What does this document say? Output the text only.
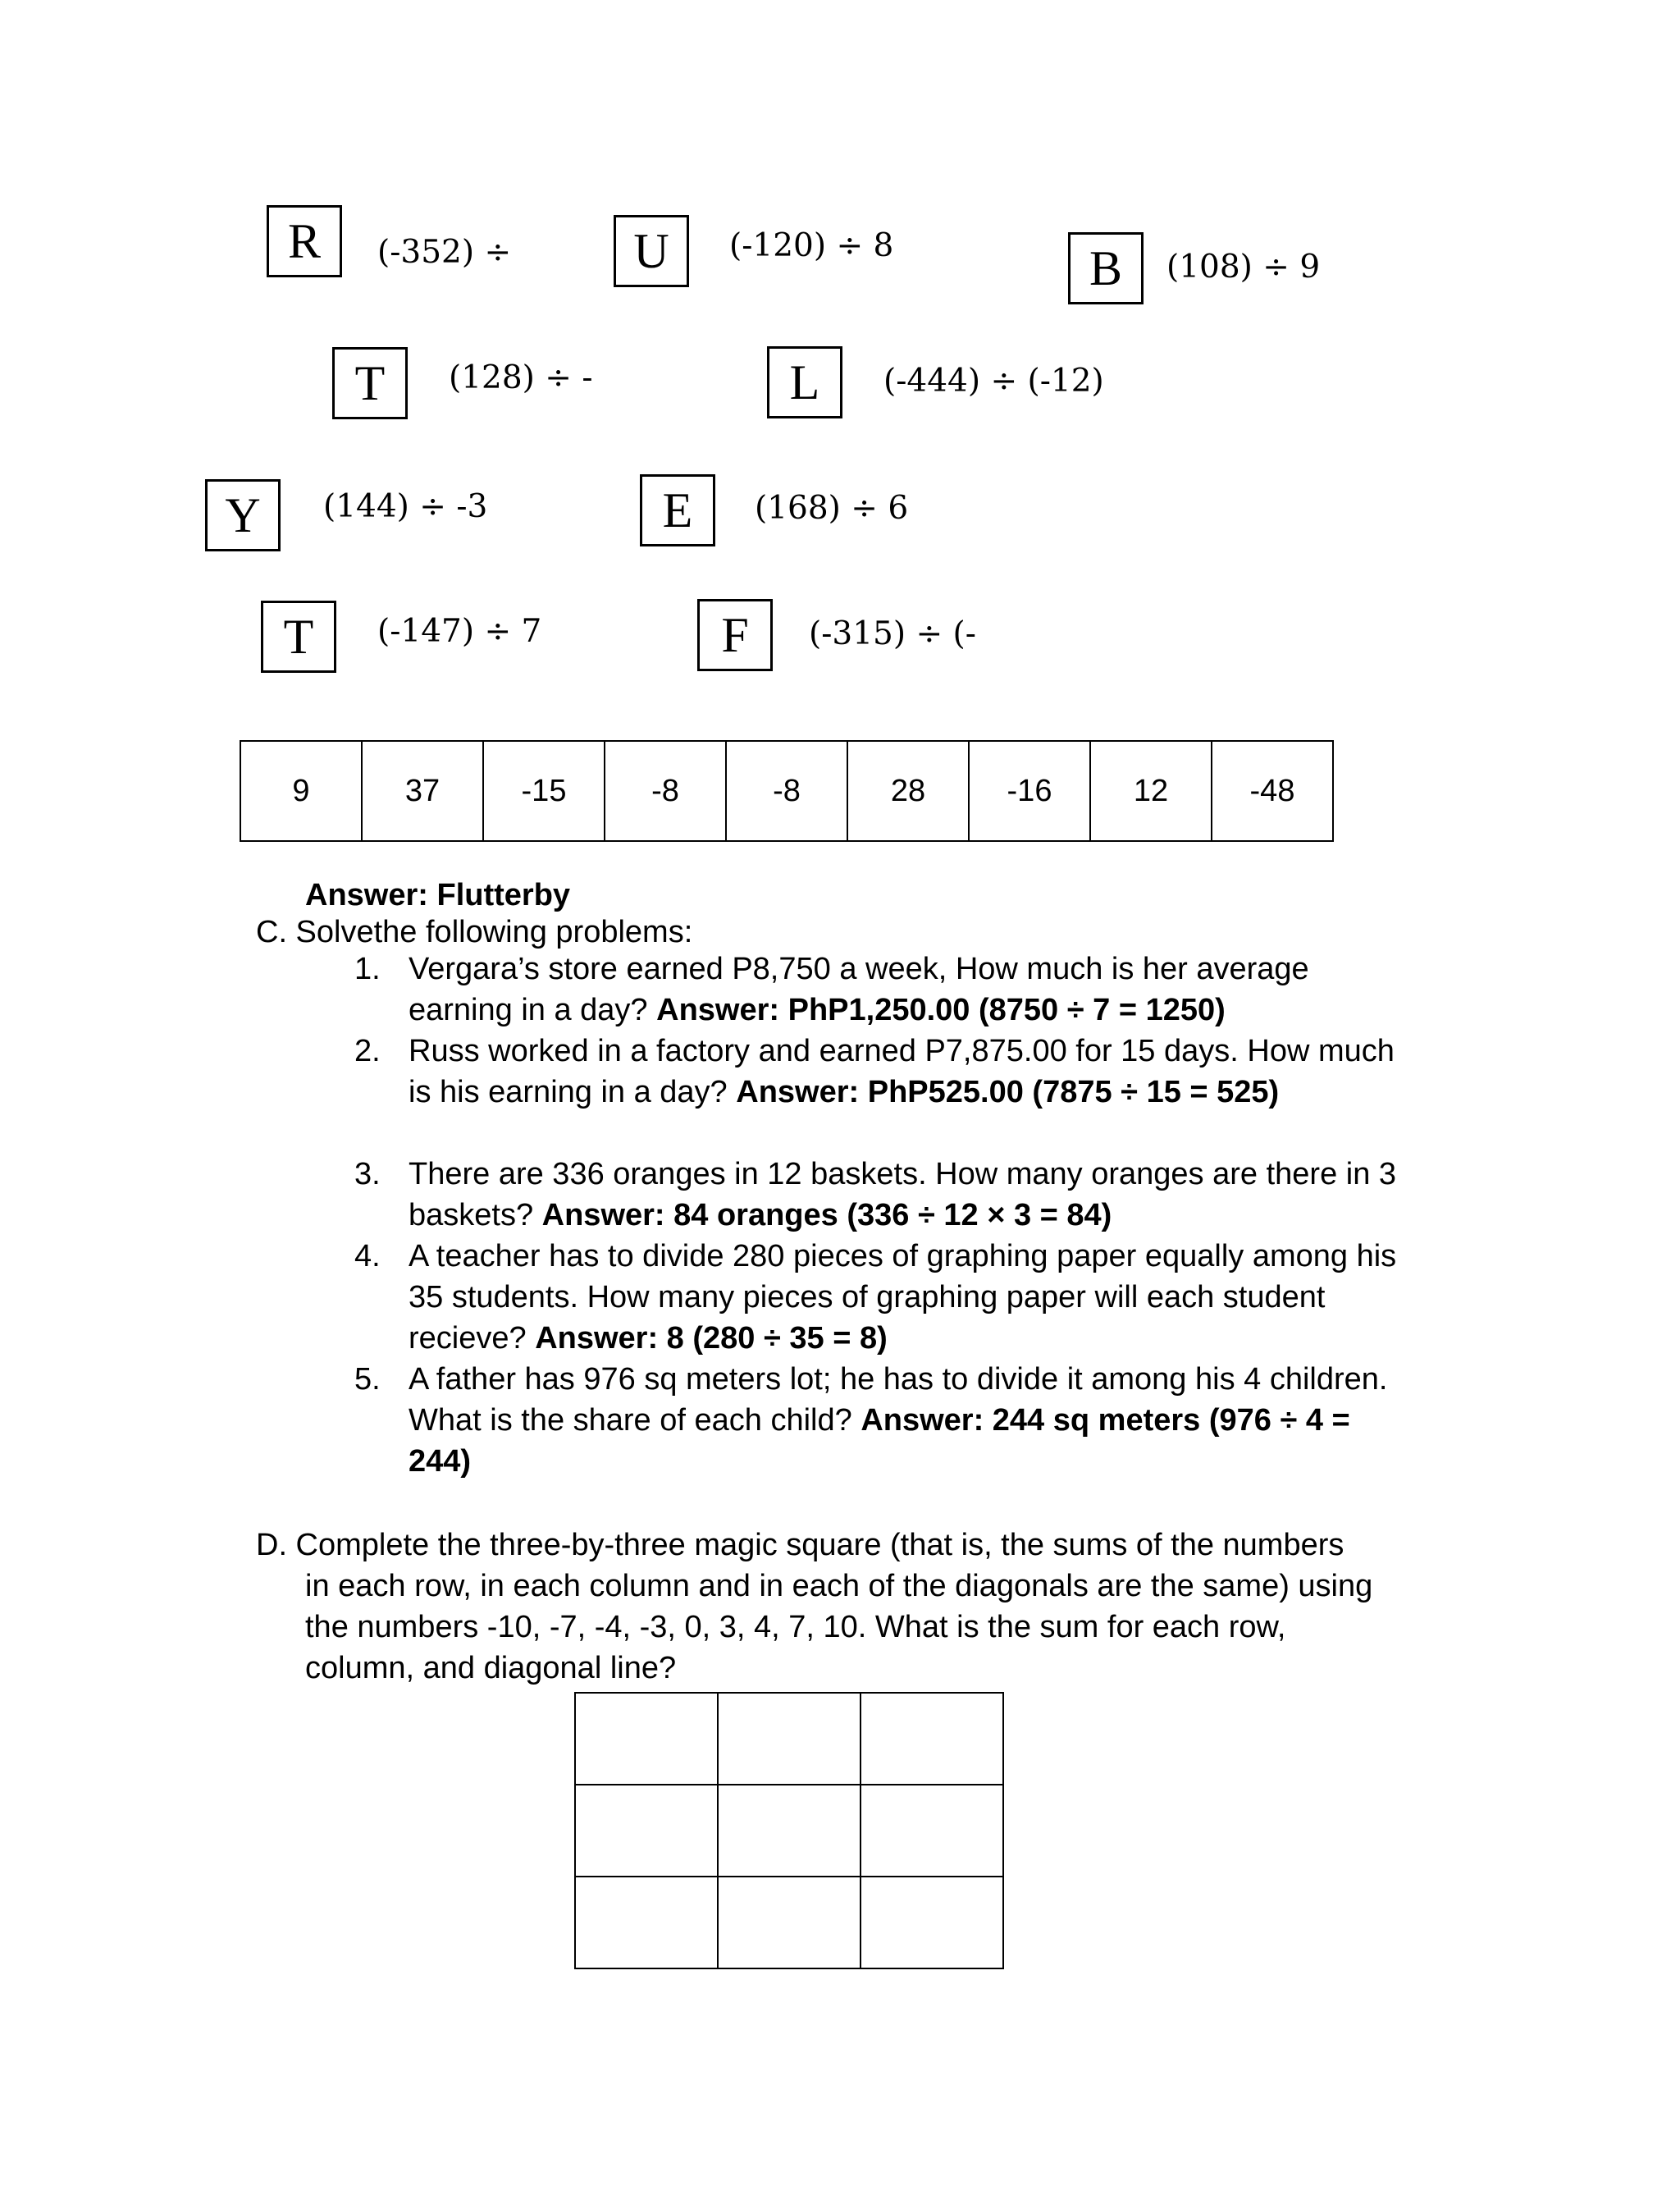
R (-352) ÷ U (-120) ÷ 8	B (108) ÷ 9
T (128) ÷ -	L (-444) ÷ (-12)
Y (144) ÷ -3	E (168) ÷ 6
T (-147) ÷ 7	F (-315) ÷ (-
9	37	-15	-8	-8	28	-16	12	-48
Answer: Flutterby
C. Solvethe following problems:
1. Vergara’s store earned P8,750 a week, How much is her average earning in a day? Answer: PhP1,250.00 (8750 ÷ 7 = 1250)
2. Russ worked in a factory and earned P7,875.00 for 15 days. How much is his earning in a day? Answer: PhP525.00 (7875 ÷ 15 = 525)
3. There are 336 oranges in 12 baskets. How many oranges are there in 3 baskets? Answer: 84 oranges (336 ÷ 12 × 3 = 84)
4. A teacher has to divide 280 pieces of graphing paper equally among his 35 students. How many pieces of graphing paper will each student recieve? Answer: 8 (280 ÷ 35 = 8)
5. A father has 976 sq meters lot; he has to divide it among his 4 children. What is the share of each child? Answer: 244 sq meters (976 ÷ 4 = 244)
D. Complete the three-by-three magic square (that is, the sums of the numbers
in each row, in each column and in each of the diagonals are the same) using
the numbers -10, -7, -4, -3, 0, 3, 4, 7, 10. What is the sum for each row,
column, and diagonal line?
